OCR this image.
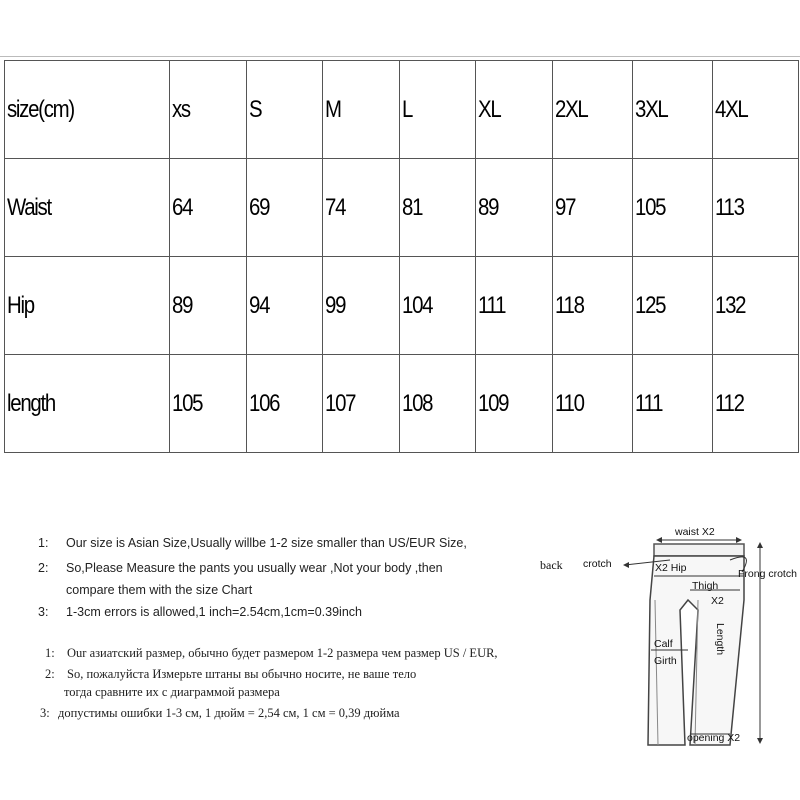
size(cm)	xs	S	M	L	XL	2XL	3XL	4XL
Waist	64	69	74	81	89	97	105	113
Hip	89	94	99	104	111	118	125	132
length	105	106	107	108	109	110	111	112
1: Our size is Asian Size,Usually willbe 1-2 size smaller than US/EUR Size,
2: So,Please Measure the pants you usually wear ,Not your body ,then
compare them with the size Chart
3: 1-3cm errors is allowed,1 inch=2.54cm,1cm=0.39inch
1: Our азиатский размер, обычно будет размером 1-2 размера чем размер US / EUR,
2: So, пожалуйста Измерьте штаны вы обычно носите, не ваше тело
тогда сравните их с диаграммой размера
3: допустимы ошибки 1-3 см, 1 дюйм = 2,54 см, 1 см = 0,39 дюйма
waist X2
back crotch	X2 Hip
Thigh
X2
Frong crotch
Length
Calf
Girth
opening X2
